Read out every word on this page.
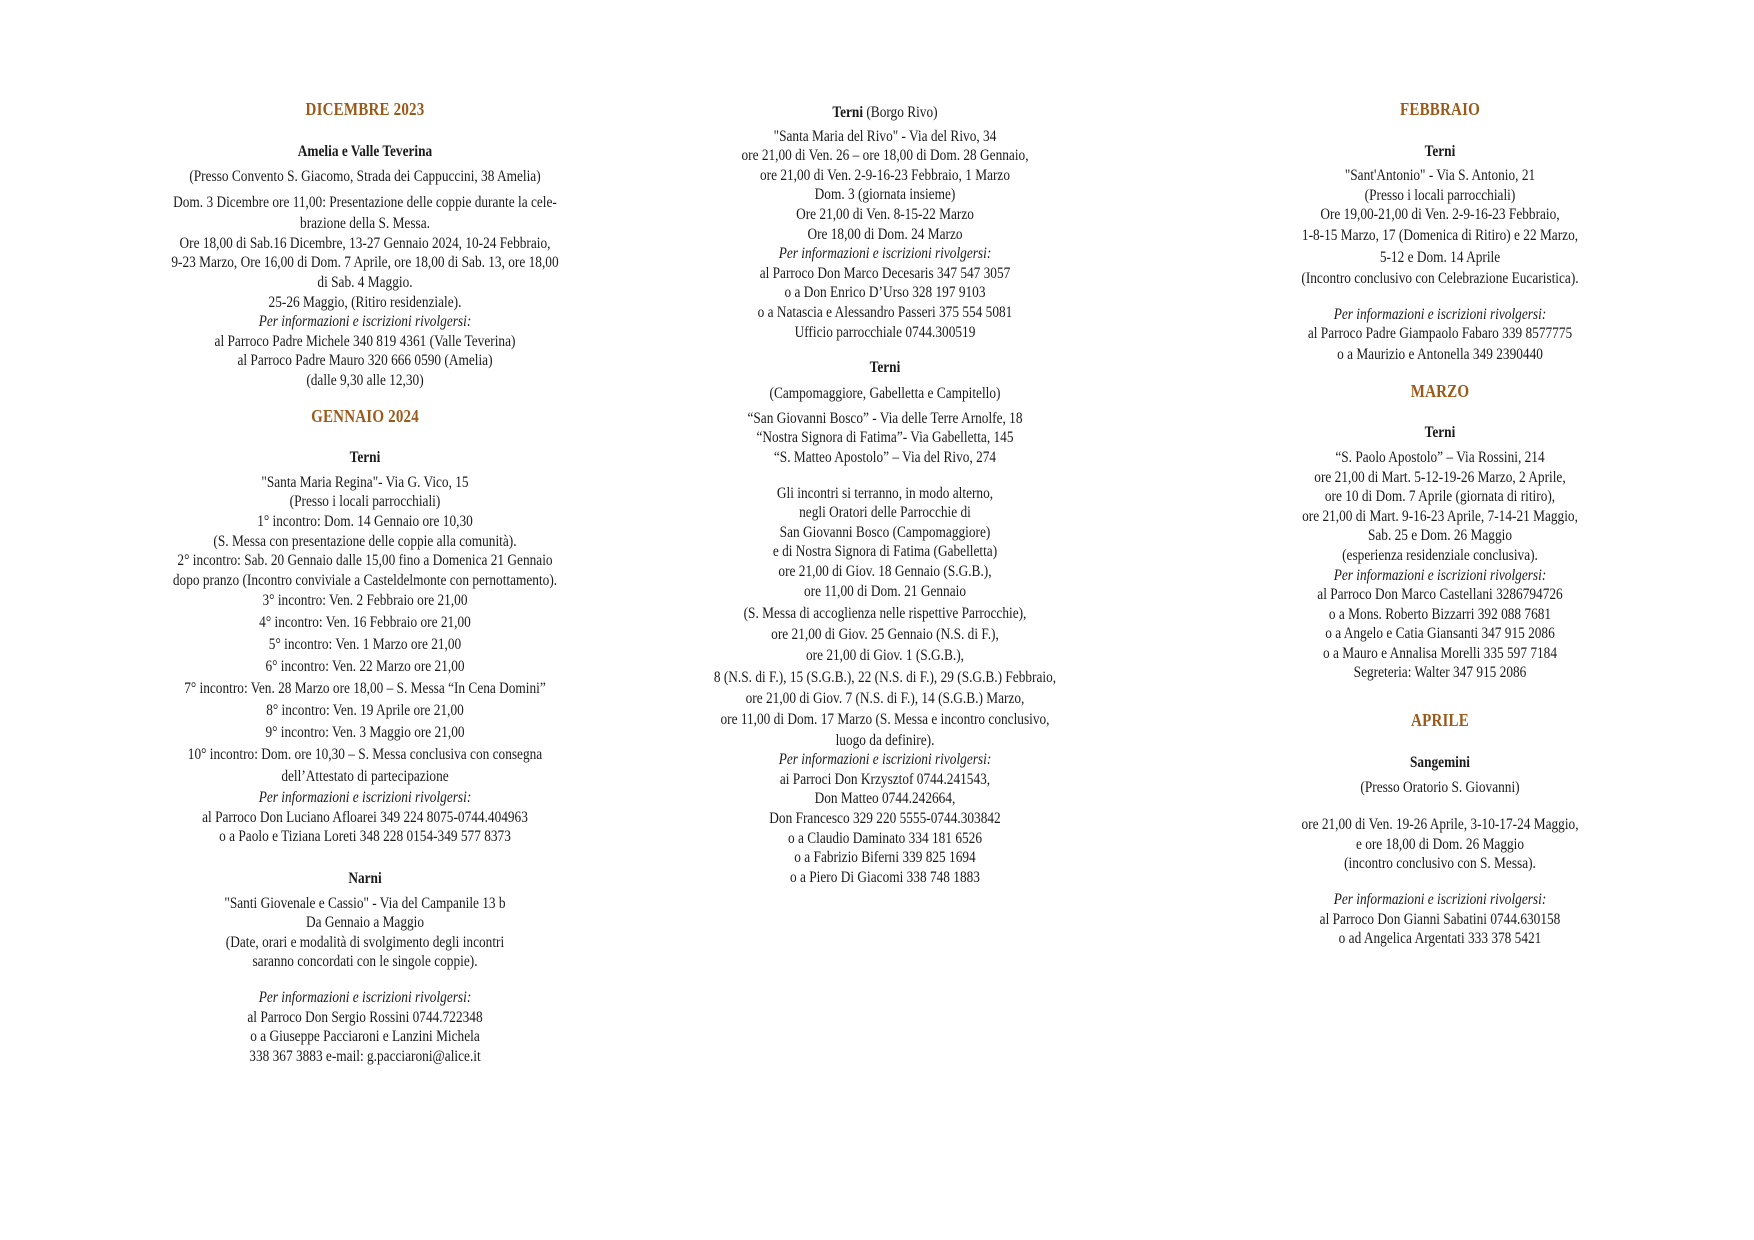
DICEMBRE 2023
Amelia e Valle Teverina
(Presso Convento S. Giacomo, Strada dei Cappuccini, 38 Amelia)
Dom. 3 Dicembre ore 11,00: Presentazione delle coppie durante la cele-
brazione della S. Messa.
Ore 18,00 di Sab.16 Dicembre, 13-27 Gennaio 2024, 10-24 Febbraio,
9-23 Marzo, Ore 16,00 di Dom. 7 Aprile, ore 18,00 di Sab. 13, ore 18,00
di Sab. 4 Maggio.
25-26 Maggio, (Ritiro residenziale).
Per informazioni e iscrizioni rivolgersi:
al Parroco Padre Michele 340 819 4361 (Valle Teverina)
al Parroco Padre Mauro 320 666 0590 (Amelia)
(dalle 9,30 alle 12,30)
GENNAIO 2024
Terni
"Santa Maria Regina"- Via G. Vico, 15
(Presso i locali parrocchiali)
1° incontro: Dom. 14 Gennaio ore 10,30
(S. Messa con presentazione delle coppie alla comunità).
2° incontro: Sab. 20 Gennaio dalle 15,00 fino a Domenica 21 Gennaio
dopo pranzo (Incontro conviviale a Casteldelmonte con pernottamento).
3° incontro: Ven. 2 Febbraio ore 21,00
4° incontro: Ven. 16 Febbraio ore 21,00
5° incontro: Ven. 1 Marzo ore 21,00
6° incontro: Ven. 22 Marzo ore 21,00
7° incontro: Ven. 28 Marzo ore 18,00 – S. Messa “In Cena Domini”
8° incontro: Ven. 19 Aprile ore 21,00
9° incontro: Ven. 3 Maggio ore 21,00
10° incontro: Dom. ore 10,30 – S. Messa conclusiva con consegna
dell’Attestato di partecipazione
Per informazioni e iscrizioni rivolgersi:
al Parroco Don Luciano Afloarei 349 224 8075-0744.404963
o a Paolo e Tiziana Loreti 348 228 0154-349 577 8373
Narni
"Santi Giovenale e Cassio" - Via del Campanile 13 b
Da Gennaio a Maggio
(Date, orari e modalità di svolgimento degli incontri
saranno concordati con le singole coppie).
Per informazioni e iscrizioni rivolgersi:
al Parroco Don Sergio Rossini 0744.722348
o a Giuseppe Pacciaroni e Lanzini Michela
338 367 3883 e-mail: g.pacciaroni@alice.it
Terni (Borgo Rivo)
"Santa Maria del Rivo" - Via del Rivo, 34
ore 21,00 di Ven. 26 – ore 18,00 di Dom. 28 Gennaio,
ore 21,00 di Ven. 2-9-16-23 Febbraio, 1 Marzo
Dom. 3 (giornata insieme)
Ore 21,00 di Ven. 8-15-22 Marzo
Ore 18,00 di Dom. 24 Marzo
Per informazioni e iscrizioni rivolgersi:
al Parroco Don Marco Decesaris 347 547 3057
o a Don Enrico D’Urso 328 197 9103
o a Natascia e Alessandro Passeri 375 554 5081
Ufficio parrocchiale 0744.300519
Terni
(Campomaggiore, Gabelletta e Campitello)
“San Giovanni Bosco” - Via delle Terre Arnolfe, 18
“Nostra Signora di Fatima”- Via Gabelletta, 145
“S. Matteo Apostolo” – Via del Rivo, 274
Gli incontri si terranno, in modo alterno,
negli Oratori delle Parrocchie di
San Giovanni Bosco (Campomaggiore)
e di Nostra Signora di Fatima (Gabelletta)
ore 21,00 di Giov. 18 Gennaio (S.G.B.),
ore 11,00 di Dom. 21 Gennaio
(S. Messa di accoglienza nelle rispettive Parrocchie),
ore 21,00 di Giov. 25 Gennaio (N.S. di F.),
ore 21,00 di Giov. 1 (S.G.B.),
8 (N.S. di F.), 15 (S.G.B.), 22 (N.S. di F.), 29 (S.G.B.) Febbraio,
ore 21,00 di Giov. 7 (N.S. di F.), 14 (S.G.B.) Marzo,
ore 11,00 di Dom. 17 Marzo (S. Messa e incontro conclusivo,
luogo da definire).
Per informazioni e iscrizioni rivolgersi:
ai Parroci Don Krzysztof 0744.241543,
Don Matteo 0744.242664,
Don Francesco 329 220 5555-0744.303842
o a Claudio Daminato 334 181 6526
o a Fabrizio Biferni 339 825 1694
o a Piero Di Giacomi 338 748 1883
FEBBRAIO
Terni
"Sant'Antonio" - Via S. Antonio, 21
(Presso i locali parrocchiali)
Ore 19,00-21,00 di Ven. 2-9-16-23 Febbraio,
1-8-15 Marzo, 17 (Domenica di Ritiro) e 22 Marzo,
5-12 e Dom. 14 Aprile
(Incontro conclusivo con Celebrazione Eucaristica).
Per informazioni e iscrizioni rivolgersi:
al Parroco Padre Giampaolo Fabaro 339 8577775
o a Maurizio e Antonella 349 2390440
MARZO
Terni
“S. Paolo Apostolo” – Via Rossini, 214
ore 21,00 di Mart. 5-12-19-26 Marzo, 2 Aprile,
ore 10 di Dom. 7 Aprile (giornata di ritiro),
ore 21,00 di Mart. 9-16-23 Aprile, 7-14-21 Maggio,
Sab. 25 e Dom. 26 Maggio
(esperienza residenziale conclusiva).
Per informazioni e iscrizioni rivolgersi:
al Parroco Don Marco Castellani 3286794726
o a Mons. Roberto Bizzarri 392 088 7681
o a Angelo e Catia Giansanti 347 915 2086
o a Mauro e Annalisa Morelli 335 597 7184
Segreteria: Walter 347 915 2086
APRILE
Sangemini
(Presso Oratorio S. Giovanni)
ore 21,00 di Ven. 19-26 Aprile, 3-10-17-24 Maggio,
e ore 18,00 di Dom. 26 Maggio
(incontro conclusivo con S. Messa).
Per informazioni e iscrizioni rivolgersi:
al Parroco Don Gianni Sabatini 0744.630158
o ad Angelica Argentati 333 378 5421
